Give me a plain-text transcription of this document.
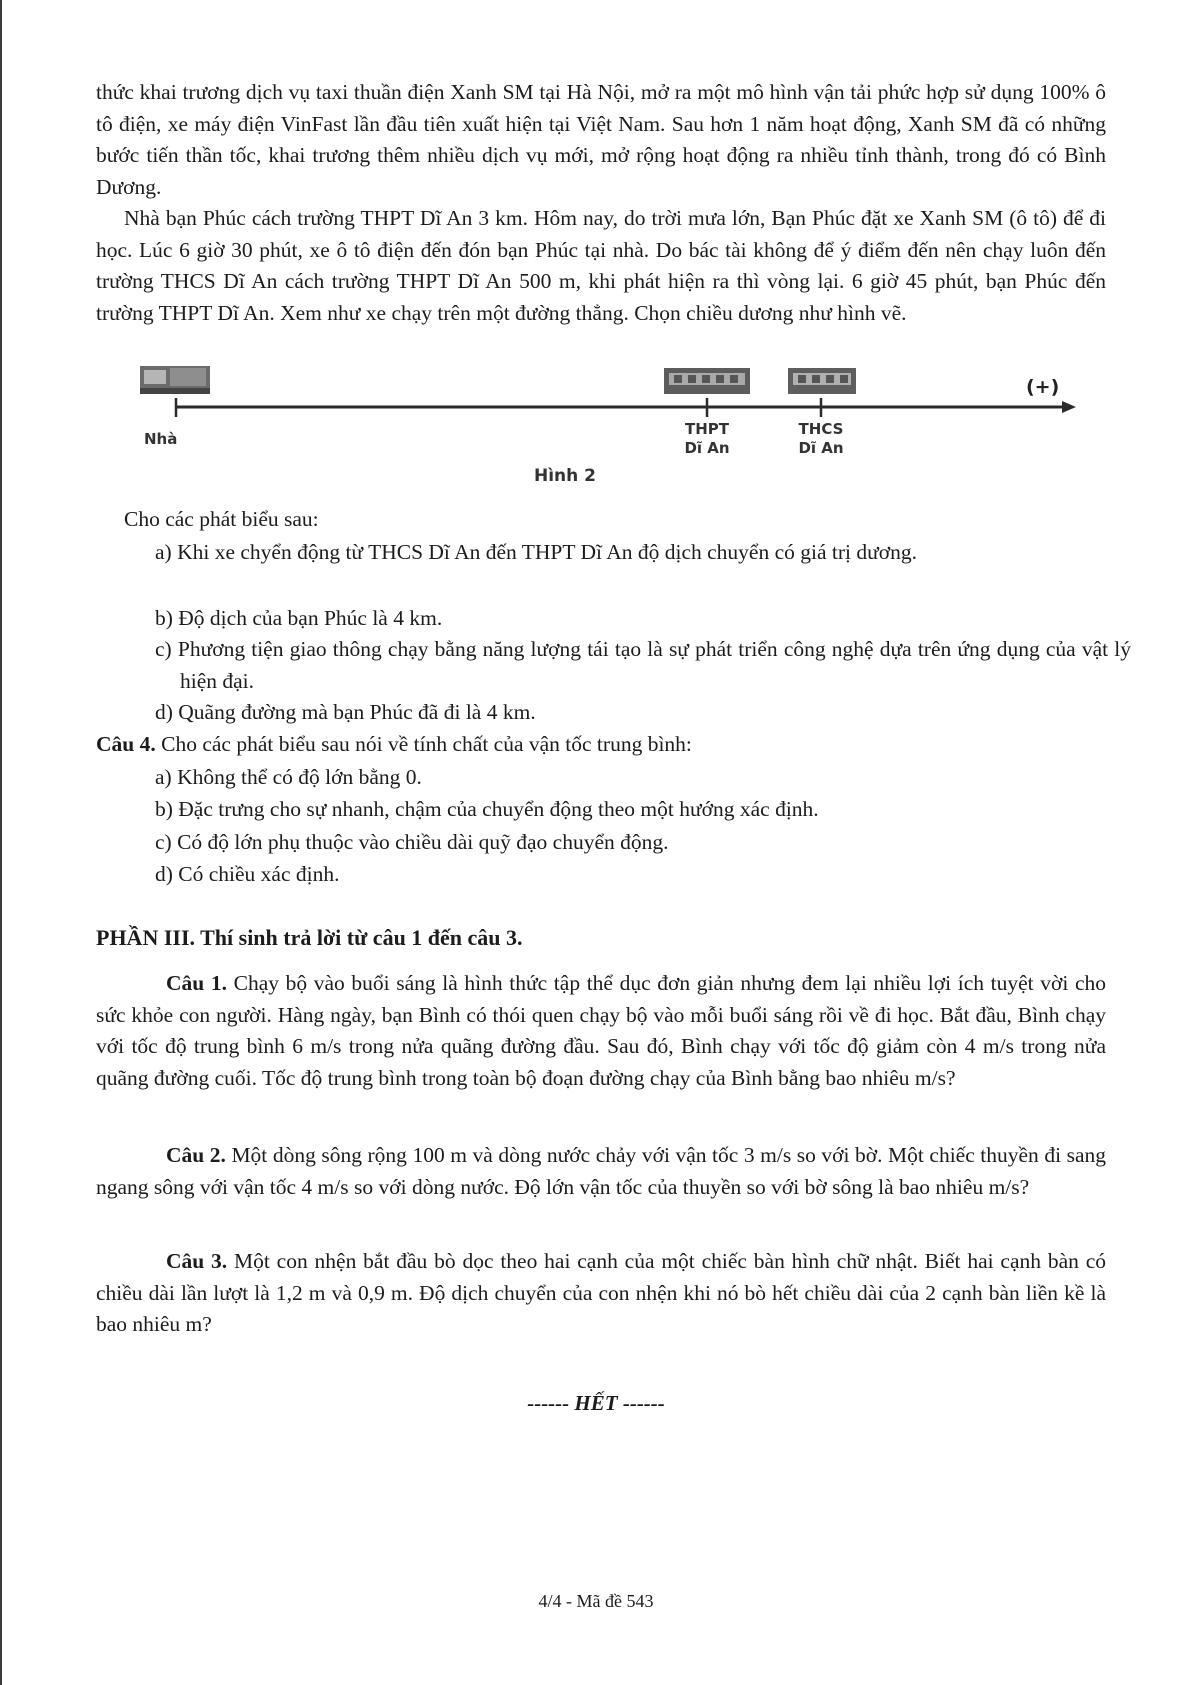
thức khai trương dịch vụ taxi thuần điện Xanh SM tại Hà Nội, mở ra một mô hình vận tải phức hợp sử dụng 100% ô tô điện, xe máy điện VinFast lần đầu tiên xuất hiện tại Việt Nam. Sau hơn 1 năm hoạt động, Xanh SM đã có những bước tiến thần tốc, khai trương thêm nhiều dịch vụ mới, mở rộng hoạt động ra nhiều tỉnh thành, trong đó có Bình Dương.

Nhà bạn Phúc cách trường THPT Dĩ An 3 km. Hôm nay, do trời mưa lớn, Bạn Phúc đặt xe Xanh SM (ô tô) để đi học. Lúc 6 giờ 30 phút, xe ô tô điện đến đón bạn Phúc tại nhà. Do bác tài không để ý điểm đến nên chạy luôn đến trường THCS Dĩ An cách trường THPT Dĩ An 500 m, khi phát hiện ra thì vòng lại. 6 giờ 45 phút, bạn Phúc đến trường THPT Dĩ An. Xem như xe chạy trên một đường thẳng. Chọn chiều dương như hình vẽ.

(+)
Nhà
THPT
Dĩ An
THCS
Dĩ An
Hình 2

Cho các phát biểu sau:

a) Khi xe chyển động từ THCS Dĩ An đến THPT Dĩ An độ dịch chuyển có giá trị dương.

b) Độ dịch của bạn Phúc là 4 km.

c) Phương tiện giao thông chạy bằng năng lượng tái tạo là sự phát triển công nghệ dựa trên ứng dụng của vật lý hiện đại.

d) Quãng đường mà bạn Phúc đã đi là 4 km.

Câu 4. Cho các phát biểu sau nói về tính chất của vận tốc trung bình:

a) Không thể có độ lớn bằng 0.

b) Đặc trưng cho sự nhanh, chậm của chuyển động theo một hướng xác định.

c) Có độ lớn phụ thuộc vào chiều dài quỹ đạo chuyển động.

d) Có chiều xác định.

PHẦN III. Thí sinh trả lời từ câu 1 đến câu 3.

Câu 1. Chạy bộ vào buổi sáng là hình thức tập thể dục đơn giản nhưng đem lại nhiều lợi ích tuyệt vời cho sức khỏe con người. Hàng ngày, bạn Bình có thói quen chạy bộ vào mỗi buổi sáng rồi về đi học. Bắt đầu, Bình chạy với tốc độ trung bình 6 m/s trong nửa quãng đường đầu. Sau đó, Bình chạy với tốc độ giảm còn 4 m/s trong nửa quãng đường cuối. Tốc độ trung bình trong toàn bộ đoạn đường chạy của Bình bằng bao nhiêu m/s?

Câu 2. Một dòng sông rộng 100 m và dòng nước chảy với vận tốc 3 m/s so với bờ. Một chiếc thuyền đi sang ngang sông với vận tốc 4 m/s so với dòng nước. Độ lớn vận tốc của thuyền so với bờ sông là bao nhiêu m/s?

Câu 3. Một con nhện bắt đầu bò dọc theo hai cạnh của một chiếc bàn hình chữ nhật. Biết hai cạnh bàn có chiều dài lần lượt là 1,2 m và 0,9 m. Độ dịch chuyển của con nhện khi nó bò hết chiều dài của 2 cạnh bàn liền kề là bao nhiêu m?

------ HẾT ------
4/4 - Mã đề 543
